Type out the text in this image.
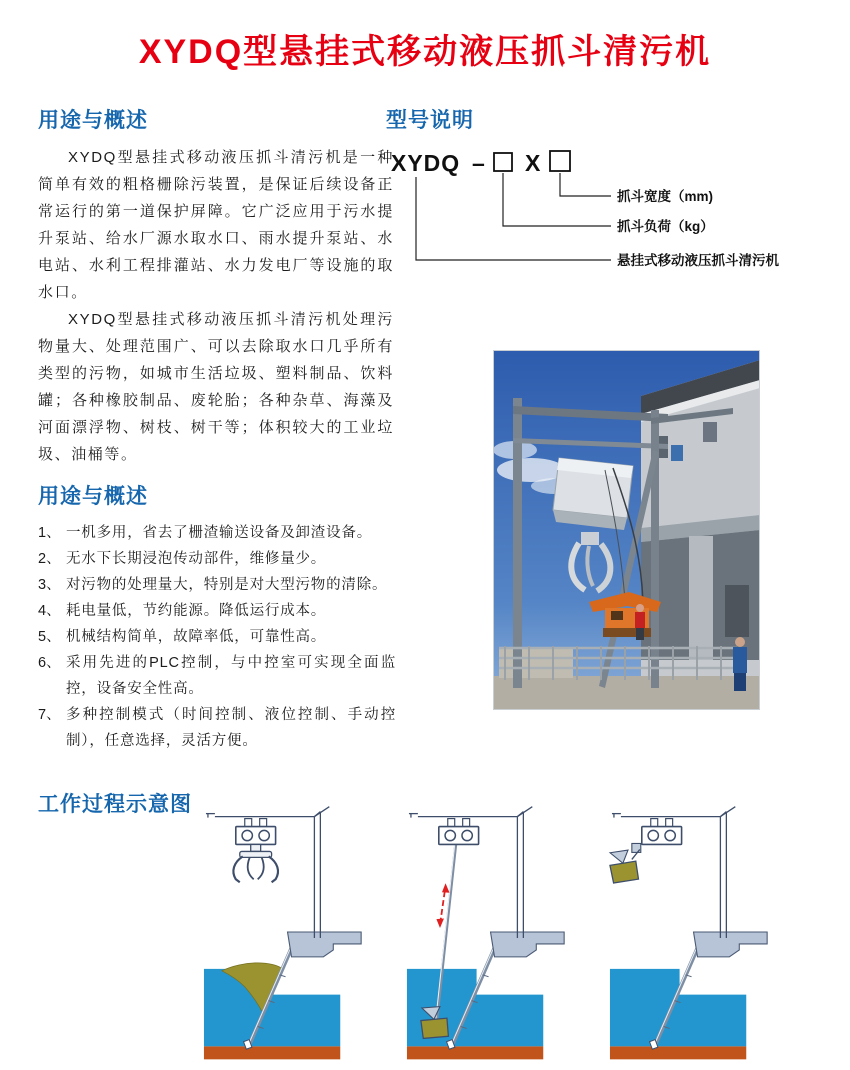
XYDQ型悬挂式移动液压抓斗清污机
用途与概述

XYDQ型悬挂式移动液压抓斗清污机是一种简单有效的粗格栅除污装置，是保证后续设备正常运行的第一道保护屏障。它广泛应用于污水提升泵站、给水厂源水取水口、雨水提升泵站、水电站、水利工程排灌站、水力发电厂等设施的取水口。

XYDQ型悬挂式移动液压抓斗清污机处理污物量大、处理范围广、可以去除取水口几乎所有类型的污物，如城市生活垃圾、塑料制品、饮料罐；各种橡胶制品、废轮胎；各种杂草、海藻及河面漂浮物、树枝、树干等；体积较大的工业垃圾、油桶等。

型号说明
XYDQ – X
抓斗宽度（mm)
抓斗负荷（kg）
悬挂式移动液压抓斗清污机
用途与概述
1、 一机多用，省去了栅渣输送设备及卸渣设备。
2、 无水下长期浸泡传动部件，维修量少。
3、 对污物的处理量大，特别是对大型污物的清除。
4、 耗电量低，节约能源。降低运行成本。
5、 机械结构简单，故障率低，可靠性高。
6、 采用先进的PLC控制，与中控室可实现全面监控，设备安全性高。
7、 多种控制模式（时间控制、液位控制、手动控制），任意选择，灵活方便。
工作过程示意图
